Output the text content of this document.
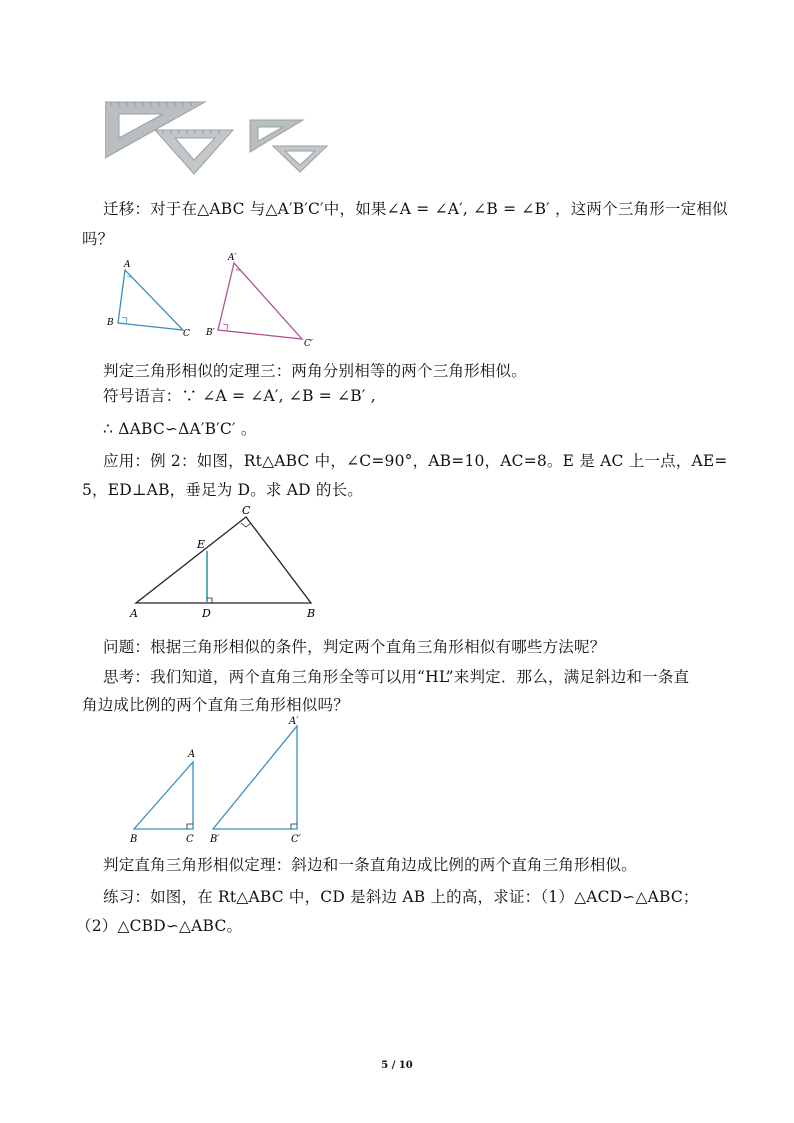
迁移：对于在△ABC 与△A′B′C′中，如果∠A = ∠A′, ∠B = ∠B′ ，这两个三角形一定相似
吗？
A
B
C
A′
B′
C′
判定三角形相似的定理三：两角分别相等的两个三角形相似。
符号语言：∵ ∠A = ∠A′, ∠B = ∠B′ ,
∴ ΔABC∽ΔA′B′C′ 。
应用：例 2：如图，Rt△ABC 中，∠C=90°，AB=10，AC=8。E 是 AC 上一点，AE=
5，ED⊥AB，垂足为 D。求 AD 的长。
C
E
A	D	B
问题：根据三角形相似的条件，判定两个直角三角形相似有哪些方法呢？
思考：我们知道，两个直角三角形全等可以用“HL”来判定．那么，满足斜边和一条直
角边成比例的两个直角三角形相似吗？
A
B	C
A′
B′	C′
判定直角三角形相似定理：斜边和一条直角边成比例的两个直角三角形相似。
练习：如图，在 Rt△ABC 中，CD 是斜边 AB 上的高，求证：（1）△ACD∽△ABC；
（2）△CBD∽△ABC。
5 / 10
